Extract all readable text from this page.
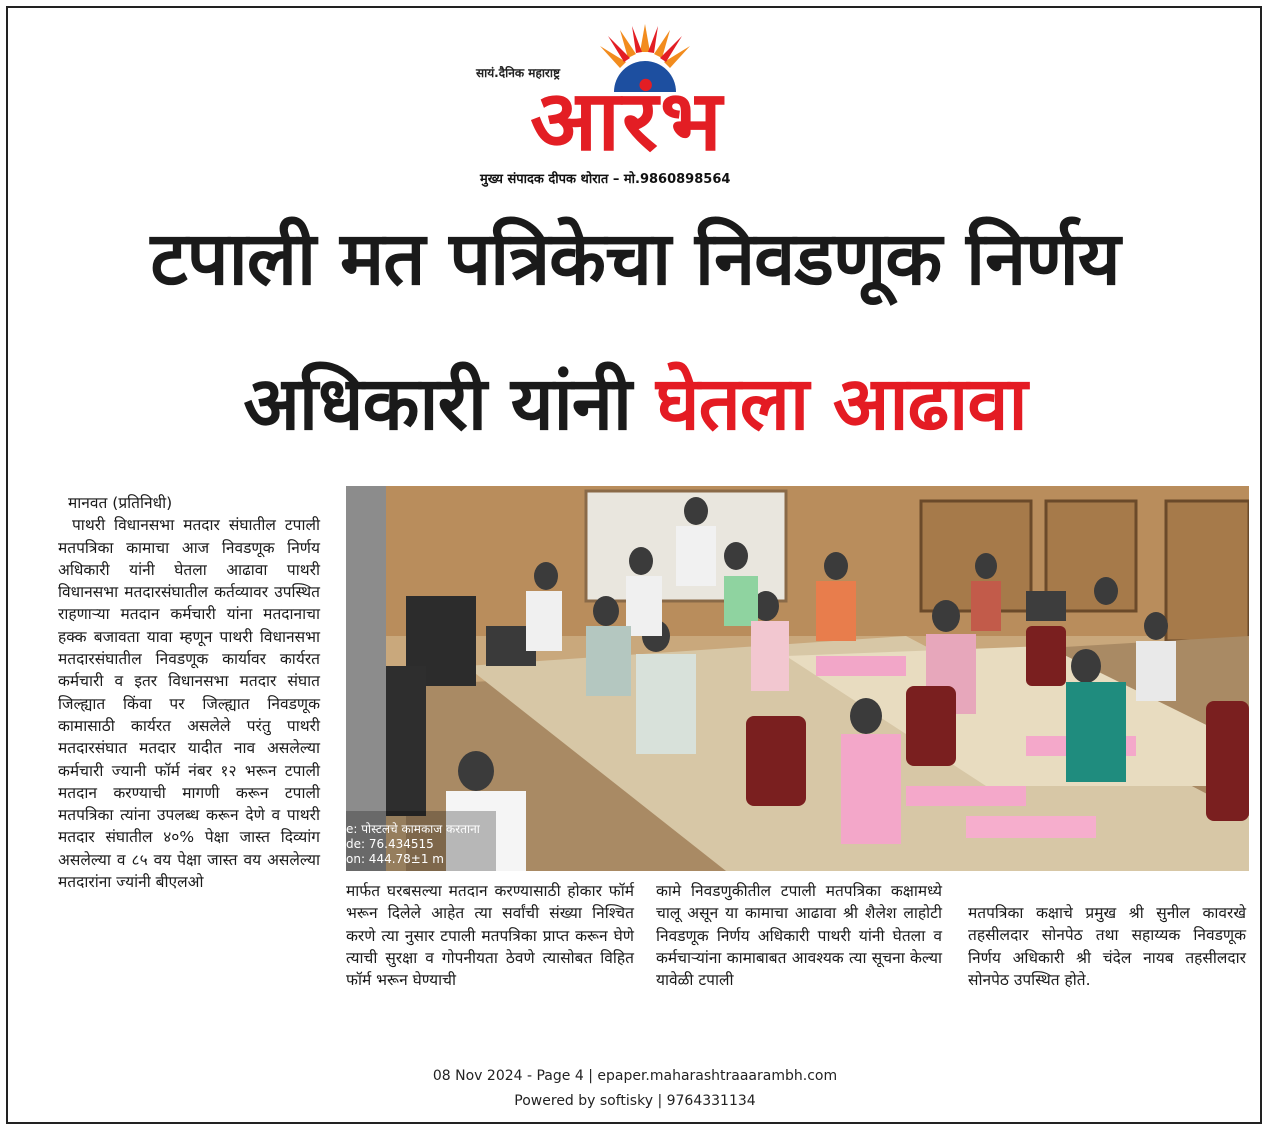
सायं.दैनिक महाराष्ट्र
आरंभ
मुख्य संपादक दीपक थोरात – मो.9860898564
टपाली मत पत्रिकेचा निवडणूक निर्णय
अधिकारी यांनी घेतला आढावा

मानवत (प्रतिनिधी)

पाथरी विधानसभा मतदार संघातील टपाली मतपत्रिका कामाचा आज निवडणूक निर्णय अधिकारी यांनी घेतला आढावा पाथरी विधानसभा मतदारसंघातील कर्तव्यावर उपस्थित राहणाऱ्या मतदान कर्मचारी यांना मतदानाचा हक्क बजावता यावा म्हणून पाथरी विधानसभा मतदारसंघातील निवडणूक कार्यावर कार्यरत कर्मचारी व इतर विधानसभा मतदार संघात जिल्ह्यात किंवा पर जिल्ह्यात निवडणूक कामासाठी कार्यरत असलेले परंतु पाथरी मतदारसंघात मतदार यादीत नाव असलेल्या कर्मचारी ज्यानी फॉर्म नंबर १२ भरून टपाली मतदान करण्याची मागणी करून टपाली मतपत्रिका त्यांना उपलब्ध करून देणे व पाथरी मतदार संघातील ४०% पेक्षा जास्त दिव्यांग असलेल्या व ८५ वय पेक्षा जास्त वय असलेल्या मतदारांना ज्यांनी बीएलओ

e: पोस्टलचे कामकाज करताना
de: 76.434515
on: 444.78±1 m
मार्फत घरबसल्या मतदान करण्यासाठी होकार फॉर्म भरून दिलेले आहेत त्या सर्वांची संख्या निश्चित करणे त्या नुसार टपाली मतपत्रिका प्राप्त करून घेणे त्याची सुरक्षा व गोपनीयता ठेवणे त्यासोबत विहित फॉर्म भरून घेण्याची
कामे निवडणुकीतील टपाली मतपत्रिका कक्षामध्ये चालू असून या कामाचा आढावा श्री शैलेश लाहोटी निवडणूक निर्णय अधिकारी पाथरी यांनी घेतला व कर्मचाऱ्यांना कामाबाबत आवश्यक त्या सूचना केल्या यावेळी टपाली
मतपत्रिका कक्षाचे प्रमुख श्री सुनील कावरखे तहसीलदार सोनपेठ तथा सहाय्यक निवडणूक निर्णय अधिकारी श्री चंदेल नायब तहसीलदार सोनपेठ उपस्थित होते.
08 Nov 2024 - Page 4 | epaper.maharashtraaarambh.com
Powered by softisky | 9764331134
